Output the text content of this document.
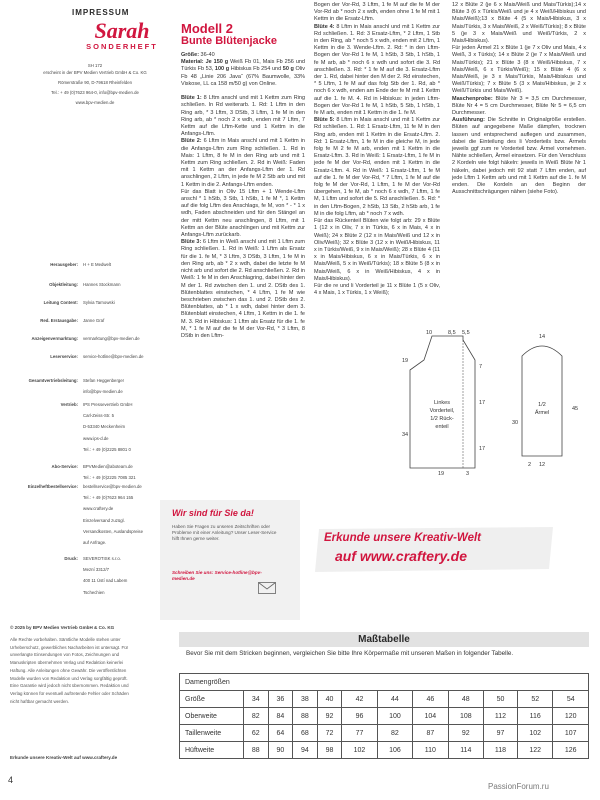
IMPRESSUM
Sarah
SONDERHEFT
SH 172
erscheint in der BPV Medien Vertrieb GmbH & Co. KG
Römerstraße 90, D-79618 Rheinfelden
Tel.: + 49 (0)7623 964-0, info@bpv-medien.de
www.bpv-medien.de
Herausgeber: H + E Medwelt
Objektleitung: Hannes Stockmann
Leitung Content: Sylvia Tarnowski
Red. Erstausgabe: Janne Graf
Anzeigenvermarktung: vermarktung@bpv-medien.de
Leserservice: service-hotline@bpv-medien.de
Gesamtvertriebsleitung: Stefan Heggenberger
info@bpv-medien.de
Vertrieb: IPS Pressevertrieb GmbH
Carl-Zeiss-Str. 5
D-53340 Meckenheim
www.ips-d.de
Tel.: + 49 (0)2225 8801 0
Abo-Service: BPVMedien@aboteam.de
Tel.: + 49 (0)2225 7085 321
Einzelheftbestellservice: bestellservice@bpv-medien.de
Tel.: + 49 (0)7623 964 155
www.craftery.de
Einzelversand zuzügl.
Versandkosten, Auslandspreise
auf Anfrage.
Druck: SEVEROTISK s.r.o.
Mezní 3312/7
400 11 Ústí nad Labem
Tschechien
Wir sind für Sie da!
Haben Sie Fragen zu unseren Zeitschriften oder Probleme mit einer Anleitung? Unser Leser-Service hilft Ihnen gerne weiter.
Schreiben Sie uns: Service-hotline@bpv-medien.de
© 2025 by BPV Medien Vertrieb GmbH & Co. KG
Alle Rechte vorbehalten. Sämtliche Modelle stehen unter
Urheberschutz, gewerbliches Nacharbeiten ist untersagt. Für
unverlangte Einsendungen von Fotos, Zeichnungen und
Manuskripten übernehmen Verlag und Redaktion keinerlei
Haftung. Alle Anleitungen ohne Gewähr. Die veröffentlichten
Modelle wurden von Redaktion und Verlag sorgfältig geprüft.
Eine Garantie wird jedoch nicht übernommen. Redaktion und
Verlag können für eventuell auftretende Fehler oder Schäden
nicht haftbar gemacht werden.
Erkunde unsere Kreativ-Welt auf www.craftery.de
4
Modell 2
Bunte Blütenjacke
Größe: 36-40
Material: Je 150 g Weiß Fb 01, Mais Fb 256 und Türkis Fb 53, 100 g Hibiskus Fb 254 und 50 g Oliv Fb 48 „Linie 206 Java“ (67% Baumwolle, 33% Viskose, LL ca 158 m/50 g) von Online.

Blüte 1: 8 Lftm anschl und mit 1 Kettm zum Ring schließen. In Rd weiterarb. 1. Rd: 1 Lftm in den Ring arb, * 3 Lftm, 3 DStb, 3 Lftm, 1 fe M in den Ring arb, ab * noch 2 x wdh, enden mit 7 Lftm, 7 Kettm auf die Lftm-Kette und 1 Kettm in die Anfangs-Lftm.
Blüte 2: 6 Lftm in Mais anschl und mit 1 Kettm in die Anfangs-Lftm zum Ring schließen. 1. Rd in Mais: 1 Lftm, 8 fe M in den Ring arb und mit 1 Kettm zum Ring schließen. 2. Rd in Weiß: Faden mit 1 Kettm an der Anfangs-Lftm der 1. Rd anschlingen, 2 Lftm, in jede fe M 2 Stb arb und mit 1 Kettm in die 2. Anfangs-Lftm enden.
Für das Blatt in Oliv 15 Lftm + 1 Wende-Lftm anschl * 1 hStb, 3 Stb, 1 hStb, 1 fe M *, 1 Kettm auf die folg Lftm des Anschlags, fe M, von * - * 1 x wdh, Faden abschneiden und für den Stängel an der mitt Kettm neu anschlingen, 8 Lftm, mit 1 Kettm an der Blüte anschlingen und mit Kettm zur Anfangs-Lftm zurückarb.
Blüte 3: 6 Lftm in Weiß anschl und mit 1 Lftm zum Ring schließen. 1. Rd in Weiß: 1 Lftm als Ersatz für die 1. fe M, * 3 Lftm, 3 DStb, 3 Lftm, 1 fe M in den Ring arb, ab * 2 x wdh, dabei die letzte fe M nicht arb und sofort die 2. Rd anschließen. 2. Rd in Weiß: 1 fe M in den Anschlagring, dabei hinter den M der 1. Rd zwischen den 1. und 2. DStb des 1. Blütenblattes einstechen, * 4 Lftm, 1 fe M wie beschrieben zwischen das 1. und 2. DStb des 2. Blütenblattes, ab * 1 x wdh, dabei hinter dem 3. Blütenblatt einstechen, 4 Lftm, 1 Kettm in die 1. fe M. 3. Rd in Hibiskus: 1 Lftm als Ersatz für die 1. fe M, * 1 fe M auf die fe M der Vor-Rd, * 3 Lftm, 8 DStb in den Lftm-
Bogen der Vor-Rd, 3 Lftm, 1 fe M auf die fe M der Vor-Rd ab * noch 2 x wdh, enden ohne 1 fe M mit 1 Kettm in die Ersatz-Lftm.
Blüte 4: 8 Lftm in Mais anschl und mit 1 Kettm zur Rd schließen. 1. Rd: 3 Ersatz-Lftm, * 2 Lftm, 1 Stb in den Ring, ab * noch 5 x wdh, enden mit 2 Lftm, 1 Kettm in die 3. Wende-Lftm. 2. Rd: * in den Lftm-Bogen der Vor-Rd 1 fe M, 1 hStb, 3 Stb, 1 hStb, 1 fe M arb, ab * noch 6 x wdh und sofort die 3. Rd anschließen. 3. Rd: * 1 fe M auf die 3. Ersatz-Lftm der 1. Rd, dabei hinter den M der 2. Rd einstechen, * 5 Lftm, 1 fe M auf das folg Stb der 1. Rd, ab * noch 6 x wdh, enden am Ende der fe M mit 1 Kettm auf die 1. fe M. 4. Rd in Hibiskus: in jeden Lftm-Bogen der Vor-Rd 1 fe M, 1 hStb, 5 Stb, 1 hStb, 1 fe M arb, enden mit 1 Kettm in die 1. fe M.
Blüte 5: 8 Lftm in Mais anschl und mit 1 Kettm zur Rd schließen. 1. Rd: 1 Ersatz-Lftm, 11 fe M in den Ring arb, enden mit 1 Kettm in die Ersatz-Lftm. 2. Rd: 1 Ersatz-Lftm, 1 fe M in die gleiche M, in jede folg fe M 2 fe M arb, enden mit 1 Kettm in die Ersatz-Lftm. 3. Rd in Weiß: 1 Ersatz-Lftm, 1 fe M in jede fe M der Vor-Rd, enden mit 1 Kettm in die Ersatz-Lftm. 4. Rd in Weiß: 1 Ersatz-Lftm, 1 fe M auf die 1. fe M der Vor-Rd, * 7 Lftm, 1 fe M auf die folg fe M der Vor-Rd, 1 Lftm, 1 fe M der Vor-Rd übergehen, 1 fe M, ab * noch 6 x wdh, 7 Lftm, 1 fe M, 1 Lftm und sofort die 5. Rd anschließen. 5. Rd: * in den Lftm-Bogen, 2 hStb, 13 Stb, 2 hStb arb, 1 fe M in die folg Lftm, ab * noch 7 x wdh.
Für das Rückenteil Blüten wie folgt arb: 29 x Blüte 1 (12 x in Oliv, 7 x in Türkis, 6 x in Mais, 4 x in Weiß); 24 x Blüte 2 (12 x in Mais/Weiß und 12 x in Oliv/Weiß); 32 x Blüte 3 (12 x in Weiß/Hibiskus, 11 x in Türkis/Weiß, 9 x in Mais/Weiß); 28 x Blüte 4 (11 x in Mais/Hibiskus, 6 x in Mais/Türkis, 6 x in Mais/Weiß, 5 x in Weiß/Türkis); 18 x Blüte 5 (8 x in Mais/Weiß, 6 x in Weiß/Hibiskus, 4 x in Mais/Hibiskus).
Für die re und li Vorderteil je 11 x Blüte 1 (5 x Oliv, 4 x Mais, 1 x Türkis, 1 x Weiß);
12 x Blüte 2 (je 6 x Mais/Weiß und Mais/Türkis);14 x Blüte 3 (6 x Türkis/Weiß und je 4 x Weiß/Hibiskus und Mais/Weiß);13 x Blüte 4 (5 x Mais/Hibiskus, 3 x Mais/Türkis, 3 x Mais/Weiß, 2 x Weiß/Türkis); 8 x Blüte 5 (je 3 x Mais/Weiß und Weiß/Türkis, 2 x Mais/Hibiskus).
Für jeden Ärmel 21 x Blüte 1 (je 7 x Oliv und Mais, 4 x Weiß, 3 x Türkis); 14 x Blüte 2 (je 7 x Mais/Weiß und Mais/Türkis); 21 x Blüte 3 (8 x Weiß/Hibiskus, 7 x Mais/Weiß, 6 x Türkis/Weiß); 15 x Blüte 4 (6 x Mais/Weiß, je 3 x Mais/Türkis, Mais/Hibiskus und Weiß/Türkis); 7 x Blüte 5 (3 x Mais/Hibiskus, je 2 x Weiß/Türkis und Mais/Weiß).
Maschenprobe: Blüte Nr 3 = 3,5 cm Durchmesser, Blüte Nr 4 = 5 cm Durchmesser, Blüte Nr 5 = 6,5 cm Durchmesser.
Ausführung: Die Schnitte in Originalgröße erstellen. Blüten auf angegebene Maße dämpfen, trocknen lassen und entsprechend auflegen und zusammen, dabei die Einteilung des li Vorderteils bzw. Ärmels jeweils ggf zum re Vorderteil bzw. Ärmel vornehmen. Nähte schließen, Ärmel einsetzen. Für den Verschluss 2 Kordeln wie folgt häkeln: jeweils in Weiß Blüte Nr 1 häkeln, dabei jedoch mit 92 statt 7 Lftm enden, auf jede Lftm 1 Kettm arb und mit 1 Kettm auf die 1. fe M enden. Die Kordeln an den Beginn der Ausschnittschrägungen nähen (siehe Foto).
10	8,5 5,5
19
34
17
17
19	3
7
Linkes
Vorderteil,
1/2 Rück-
enteil
1/2
Ärmel
14
30
45
12
2
Erkunde unsere Kreativ-Welt
auf www.craftery.de
Maßtabelle
Bevor Sie mit dem Stricken beginnen, vergleichen Sie bitte Ihre Körpermaße mit unseren Maßen in folgender Tabelle.
Damengrößen											
Größe	34	36	38	40	42	44	46	48	50	52	54
Oberweite	82	84	88	92	96	100	104	108	112	116	120
Taillenweite	62	64	68	72	77	82	87	92	97	102	107
Hüftweite	88	90	94	98	102	106	110	114	118	122	126
PassionForum.ru
